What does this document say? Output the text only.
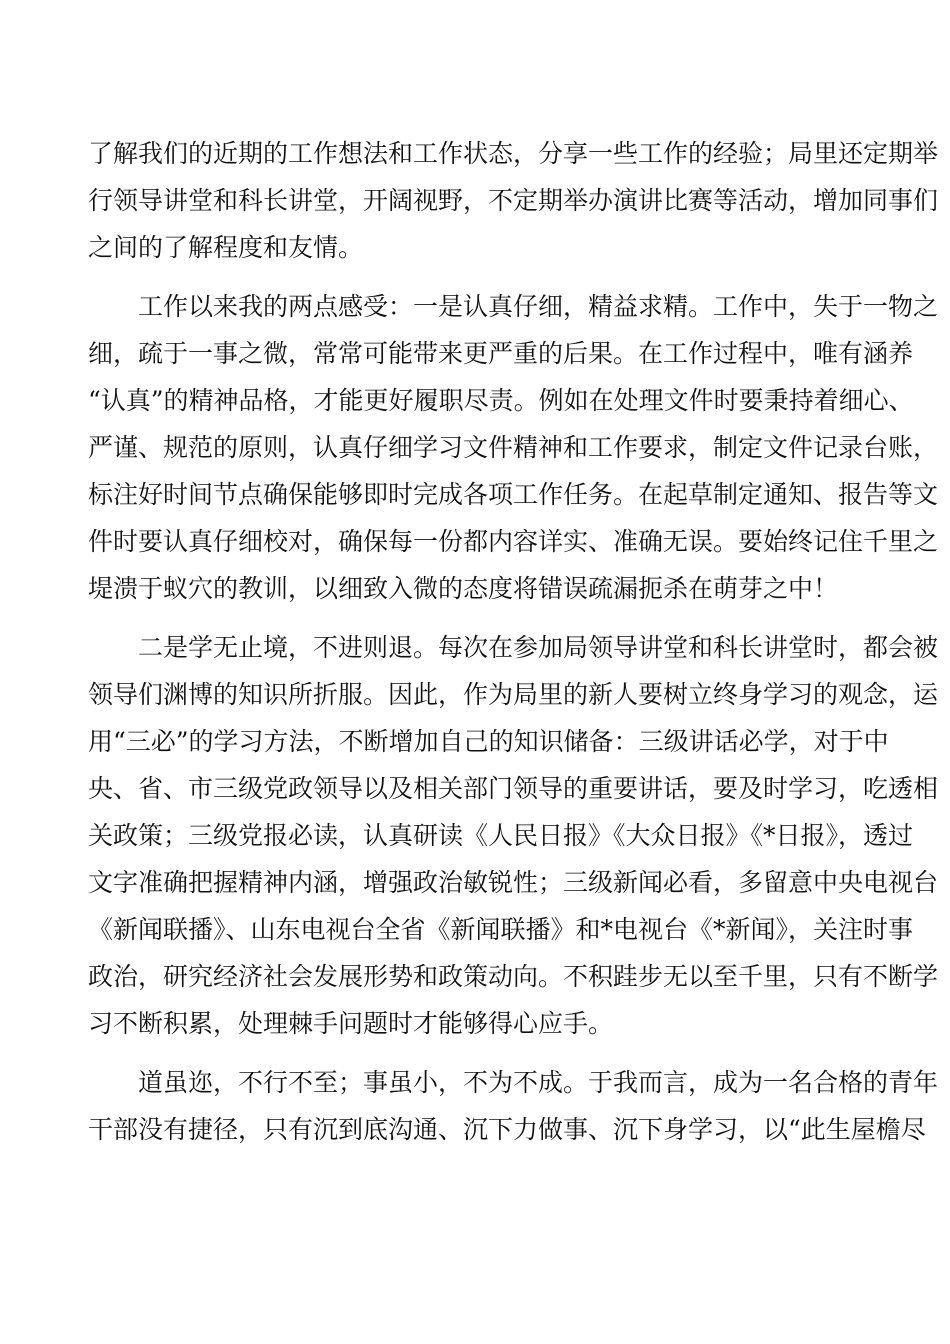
了解我们的近期的工作想法和工作状态，分享一些工作的经验；局里还定期举
行领导讲堂和科长讲堂，开阔视野，不定期举办演讲比赛等活动，增加同事们
之间的了解程度和友情。
　　工作以来我的两点感受：一是认真仔细，精益求精。工作中，失于一物之
细，疏于一事之微，常常可能带来更严重的后果。在工作过程中，唯有涵养
“认真”的精神品格，才能更好履职尽责。例如在处理文件时要秉持着细心、
严谨、规范的原则，认真仔细学习文件精神和工作要求，制定文件记录台账，
标注好时间节点确保能够即时完成各项工作任务。在起草制定通知、报告等文
件时要认真仔细校对，确保每一份都内容详实、准确无误。要始终记住千里之
堤溃于蚁穴的教训，以细致入微的态度将错误疏漏扼杀在萌芽之中！
　　二是学无止境，不进则退。每次在参加局领导讲堂和科长讲堂时，都会被
领导们渊博的知识所折服。因此，作为局里的新人要树立终身学习的观念，运
用“三必”的学习方法，不断增加自己的知识储备：三级讲话必学，对于中
央、省、市三级党政领导以及相关部门领导的重要讲话，要及时学习，吃透相
关政策；三级党报必读，认真研读《人民日报》《大众日报》《*日报》，透过
文字准确把握精神内涵，增强政治敏锐性；三级新闻必看，多留意中央电视台
《新闻联播》、山东电视台全省《新闻联播》和*电视台《*新闻》，关注时事
政治，研究经济社会发展形势和政策动向。不积跬步无以至千里，只有不断学
习不断积累，处理棘手问题时才能够得心应手。
　　道虽迩，不行不至；事虽小，不为不成。于我而言，成为一名合格的青年
干部没有捷径，只有沉到底沟通、沉下力做事、沉下身学习，以“此生屋檐尽
